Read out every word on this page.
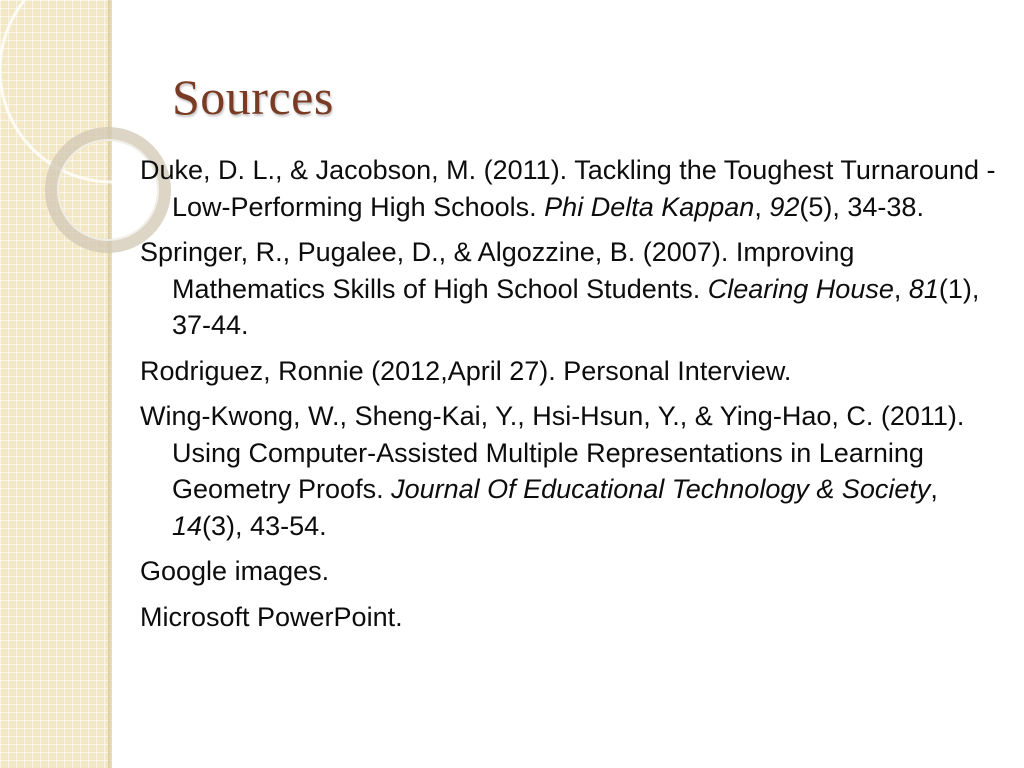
Sources
Duke, D. L., & Jacobson, M. (2011). Tackling the Toughest Turnaround - Low-Performing High Schools. Phi Delta Kappan, 92(5), 34-38.
Springer, R., Pugalee, D., & Algozzine, B. (2007). Improving Mathematics Skills of High School Students. Clearing House, 81(1), 37-44.
Rodriguez, Ronnie (2012,April 27). Personal Interview.
Wing-Kwong, W., Sheng-Kai, Y., Hsi-Hsun, Y., & Ying-Hao, C. (2011). Using Computer-Assisted Multiple Representations in Learning Geometry Proofs. Journal Of Educational Technology & Society, 14(3), 43-54.
Google images.
Microsoft PowerPoint.
